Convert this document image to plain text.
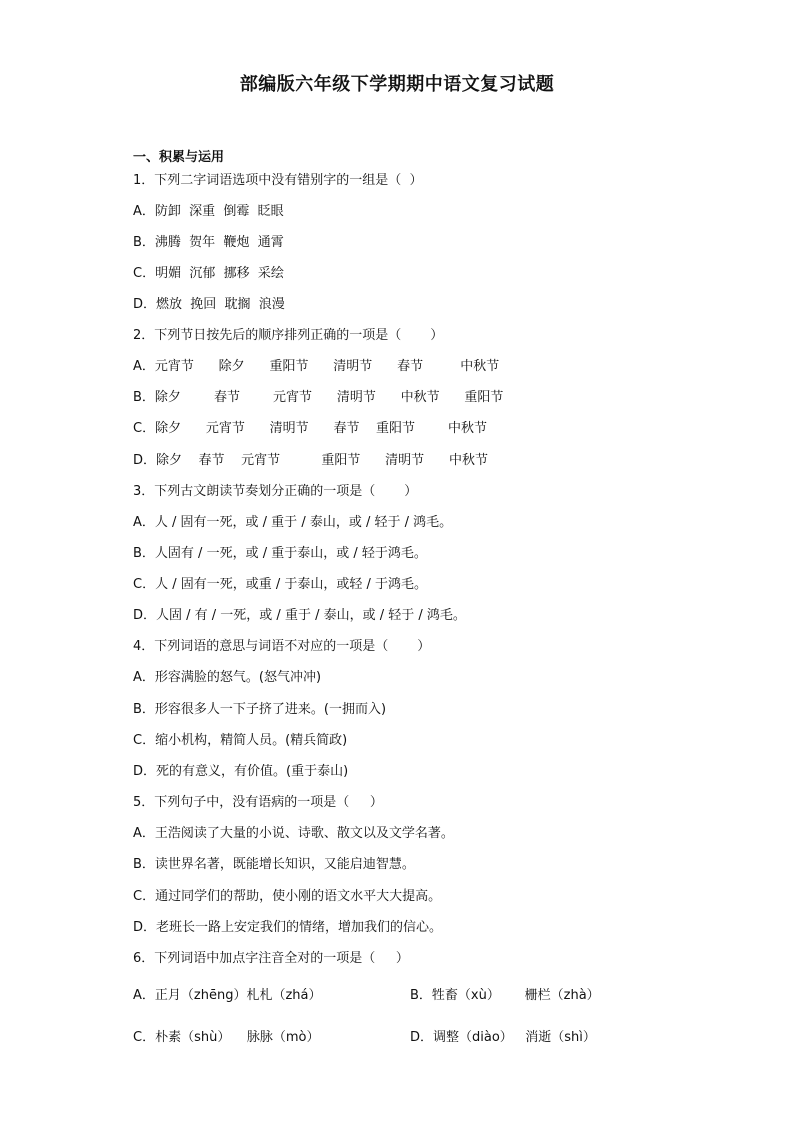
部编版六年级下学期期中语文复习试题
一、积累与运用
1．下列二字词语选项中没有错别字的一组是（  ）
A．防卸  深重  倒霉  眨眼
B．沸腾  贺年  鞭炮  通霄
C．明媚  沉郁  挪移  采绘
D．燃放  挽回  耽搁  浪漫
2．下列节日按先后的顺序排列正确的一项是（       ）
A．元宵节      除夕      重阳节      清明节      春节         中秋节
B．除夕        春节        元宵节      清明节      中秋节      重阳节
C．除夕      元宵节      清明节      春节    重阳节        中秋节
D．除夕    春节    元宵节          重阳节      清明节      中秋节
3．下列古文朗读节奏划分正确的一项是（       ）
A．人 / 固有一死，或 / 重于 / 泰山，或 / 轻于 / 鸿毛。
B．人固有 / 一死，或 / 重于泰山，或 / 轻于鸿毛。
C．人 / 固有一死，或重 / 于泰山，或轻 / 于鸿毛。
D．人固 / 有 / 一死，或 / 重于 / 泰山，或 / 轻于 / 鸿毛。
4．下列词语的意思与词语不对应的一项是（       ）
A．形容满脸的怒气。(怒气冲冲)
B．形容很多人一下子挤了进来。(一拥而入)
C．缩小机构，精简人员。(精兵简政)
D．死的有意义，有价值。(重于泰山)
5．下列句子中，没有语病的一项是（     ）
A．王浩阅读了大量的小说、诗歌、散文以及文学名著。
B．读世界名著，既能增长知识，又能启迪智慧。
C．通过同学们的帮助，使小刚的语文水平大大提高。
D．老班长一路上安定我们的情绪，增加我们的信心。
6．下列词语中加点字注音全对的一项是（     ）
A．正月（zhēng）札札（zhá）	B．牲畜（xù）      栅栏（zhà）
C．朴素（shù）    脉脉（mò）	D．调整（diào）   消逝（shì）
